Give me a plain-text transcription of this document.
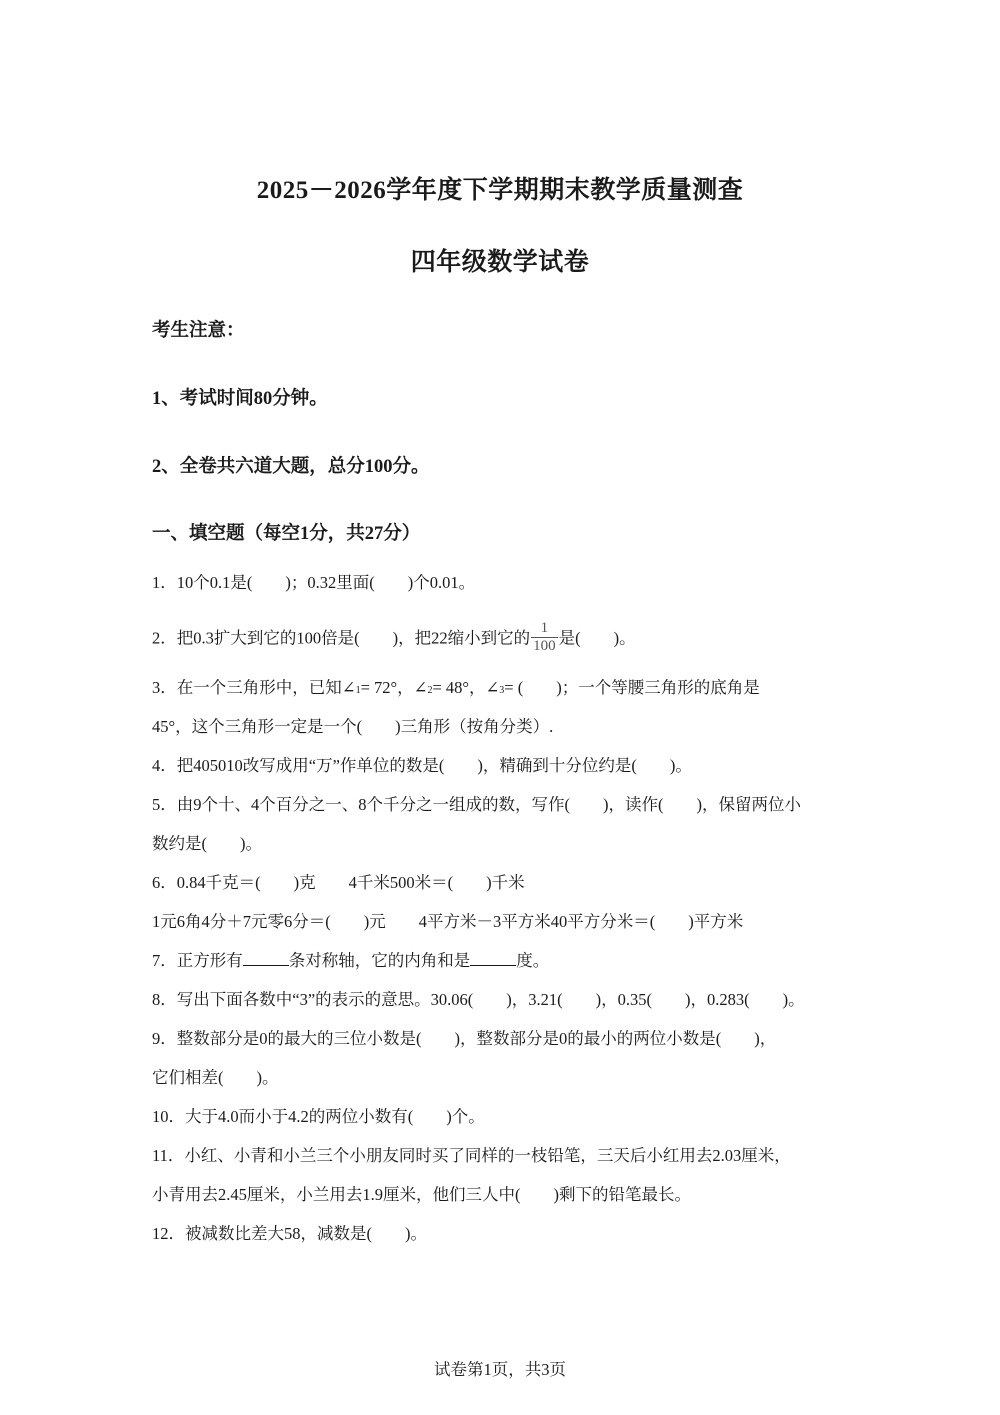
2025－2026学年度下学期期末教学质量测查
四年级数学试卷
考生注意：
1、考试时间80分钟。
2、全卷共六道大题，总分100分。
一、填空题（每空1分，共27分）
1．10个0.1是(　　)；0.32里面(　　)个0.01。
2．把0.3扩大到它的100倍是(　　)，把22缩小到它的 $\frac{1}{100}$ 是(　　)。
3．在一个三角形中，已知∠1= 72°，∠2= 48°，∠3= (　　)；一个等腰三角形的底角是
45°，这个三角形一定是一个(　　)三角形（按角分类）.
4．把405010改写成用“万”作单位的数是(　　)，精确到十分位约是(　　)。
5．由9个十、4个百分之一、8个千分之一组成的数，写作(　　)，读作(　　)，保留两位小
数约是(　　)。
6．0.84千克＝(　　)克　　4千米500米＝(　　)千米
1元6角4分＋7元零6分＝(　　)元　　4平方米－3平方米40平方分米＝(　　)平方米
7．正方形有	条对称轴，它的内角和是	度。
8．写出下面各数中“3”的表示的意思。30.06(　　)，3.21(　　)，0.35(　　)，0.283(　　)。
9．整数部分是0的最大的三位小数是(　　)，整数部分是0的最小的两位小数是(　　)，
它们相差(　　)。
10．大于4.0而小于4.2的两位小数有(　　)个。
11．小红、小青和小兰三个小朋友同时买了同样的一枝铅笔，三天后小红用去2.03厘米，
小青用去2.45厘米，小兰用去1.9厘米，他们三人中(　　)剩下的铅笔最长。
12．被减数比差大58，减数是(　　)。
试卷第1页，共3页
